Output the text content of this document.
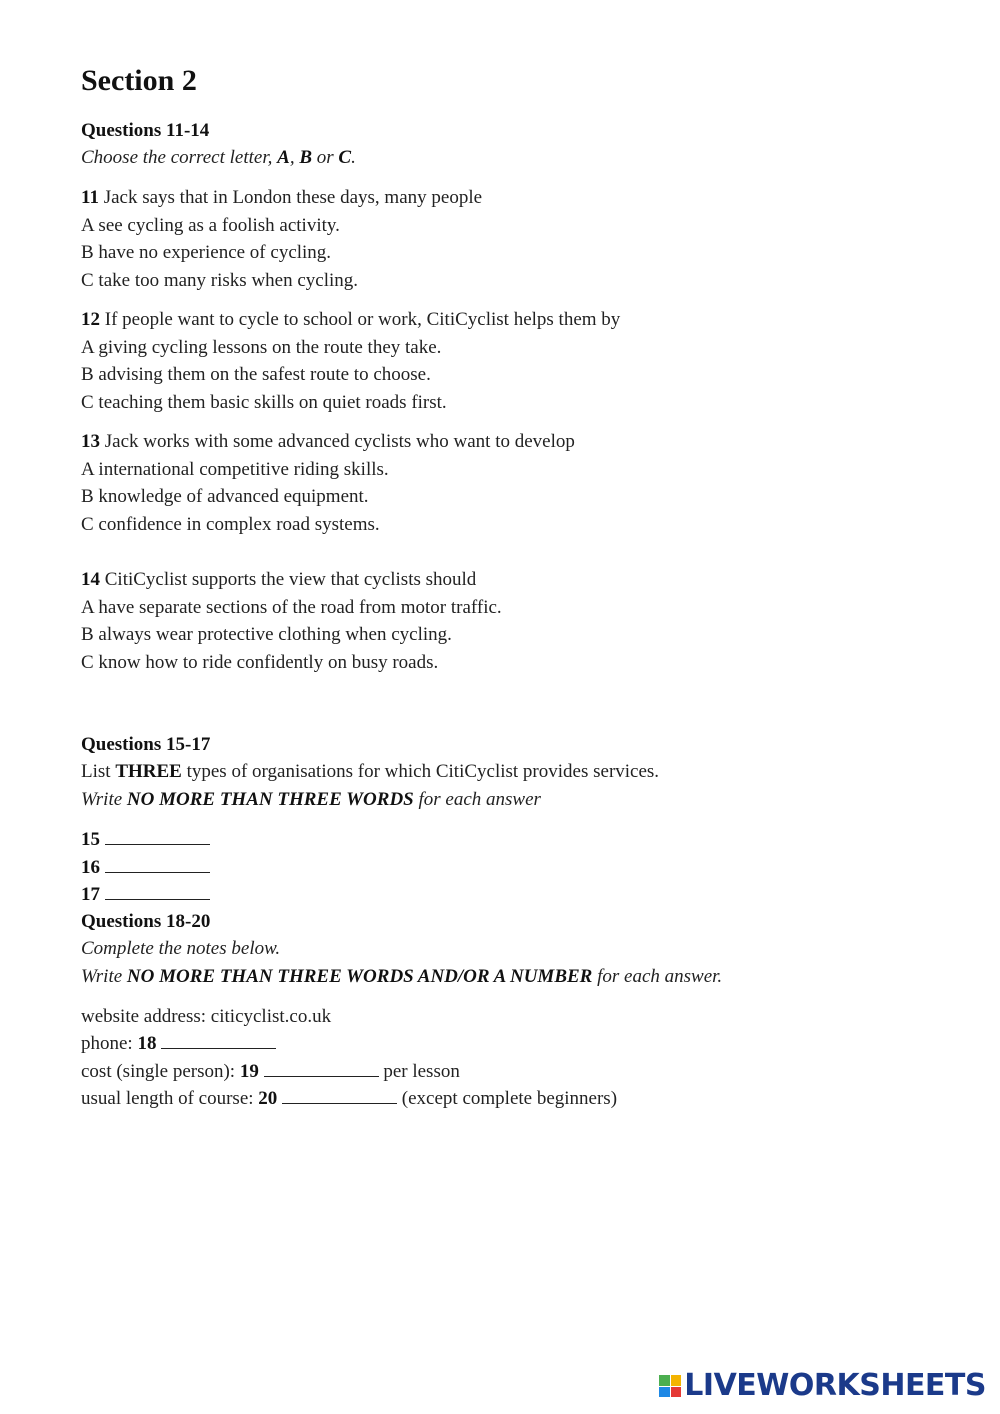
Section 2

Questions 11-14

Choose the correct letter, A, B or C.

11 Jack says that in London these days, many people

A see cycling as a foolish activity.

B have no experience of cycling.

C take too many risks when cycling.

12 If people want to cycle to school or work, CitiCyclist helps them by

A giving cycling lessons on the route they take.

B advising them on the safest route to choose.

C teaching them basic skills on quiet roads first.

13 Jack works with some advanced cyclists who want to develop

A international competitive riding skills.

B knowledge of advanced equipment.

C confidence in complex road systems.

14 CitiCyclist supports the view that cyclists should

A have separate sections of the road from motor traffic.

B always wear protective clothing when cycling.

C know how to ride confidently on busy roads.

Questions 15-17

List THREE types of organisations for which CitiCyclist provides services.

Write NO MORE THAN THREE WORDS for each answer

15

16

17

Questions 18-20

Complete the notes below.

Write NO MORE THAN THREE WORDS AND/OR A NUMBER for each answer.

website address: citicyclist.co.uk

phone: 18

cost (single person): 19	per lesson

usual length of course: 20	(except complete beginners)

LIVEWORKSHEETS
